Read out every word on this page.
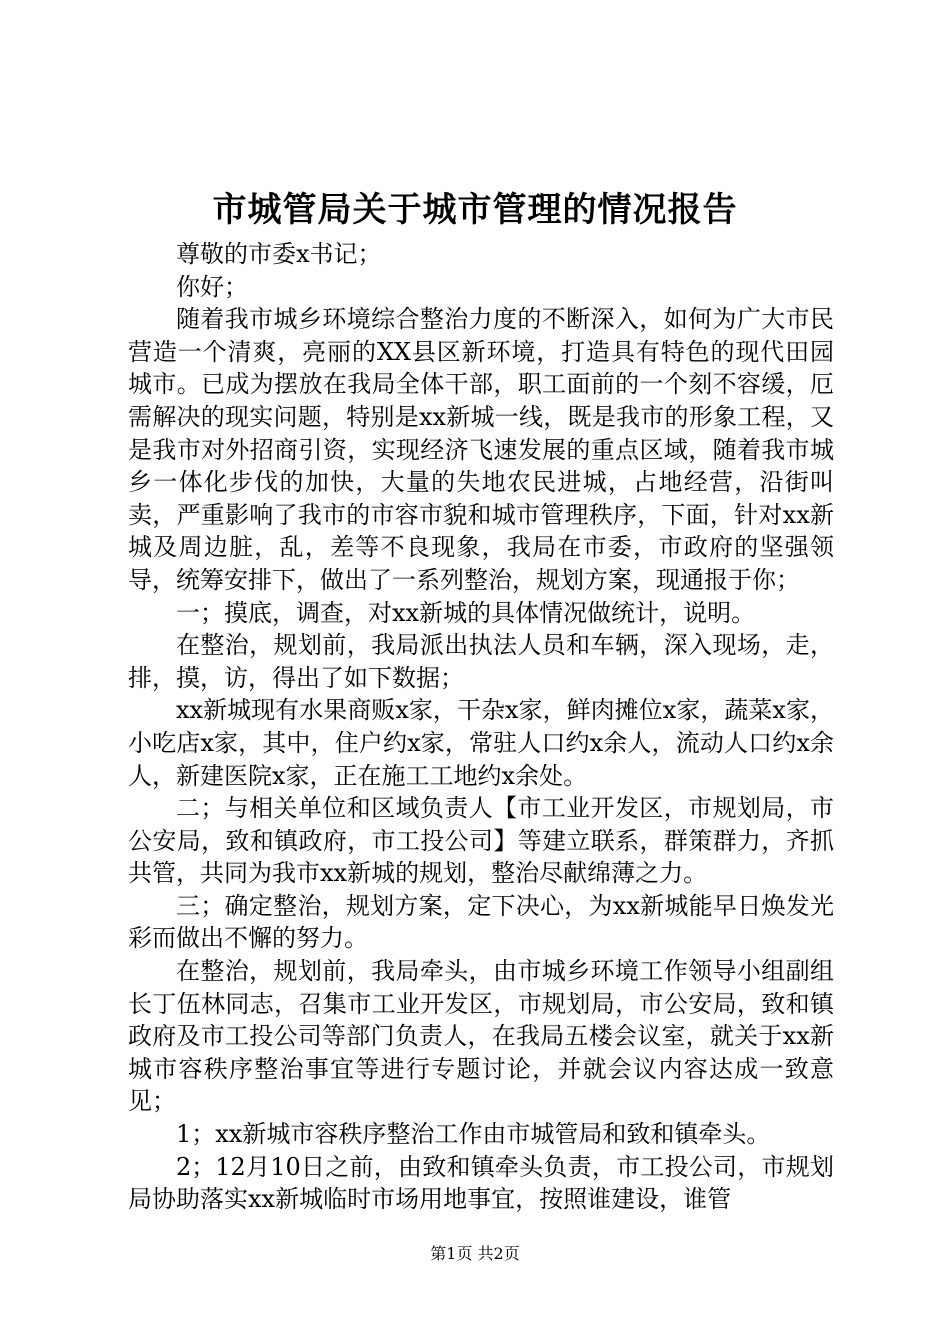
市城管局关于城市管理的情况报告

尊敬的市委x书记；

你好；

随着我市城乡环境综合整治力度的不断深入，如何为广大市民营造一个清爽，亮丽的XX县区新环境，打造具有特色的现代田园城市。已成为摆放在我局全体干部，职工面前的一个刻不容缓，厄需解决的现实问题，特别是xx新城一线，既是我市的形象工程，又是我市对外招商引资，实现经济飞速发展的重点区域，随着我市城乡一体化步伐的加快，大量的失地农民进城，占地经营，沿街叫卖，严重影响了我市的市容市貌和城市管理秩序，下面，针对xx新城及周边脏，乱，差等不良现象，我局在市委，市政府的坚强领导，统筹安排下，做出了一系列整治，规划方案，现通报于你；

一；摸底，调查，对xx新城的具体情况做统计，说明。

在整治，规划前，我局派出执法人员和车辆，深入现场，走，排，摸，访，得出了如下数据；

xx新城现有水果商贩x家，干杂x家，鲜肉摊位x家，蔬菜x家，小吃店x家，其中，住户约x家，常驻人口约x余人，流动人口约x余人，新建医院x家，正在施工工地约x余处。

二；与相关单位和区域负责人【市工业开发区，市规划局，市公安局，致和镇政府，市工投公司】等建立联系，群策群力，齐抓共管，共同为我市xx新城的规划，整治尽献绵薄之力。

三；确定整治，规划方案，定下决心，为xx新城能早日焕发光彩而做出不懈的努力。

在整治，规划前，我局牵头，由市城乡环境工作领导小组副组长丁伍林同志，召集市工业开发区，市规划局，市公安局，致和镇政府及市工投公司等部门负责人，在我局五楼会议室，就关于xx新城市容秩序整治事宜等进行专题讨论，并就会议内容达成一致意见；

1；xx新城市容秩序整治工作由市城管局和致和镇牵头。

2；12月10日之前，由致和镇牵头负责，市工投公司，市规划局协助落实xx新城临时市场用地事宜，按照谁建设，谁管

第1页 共2页
